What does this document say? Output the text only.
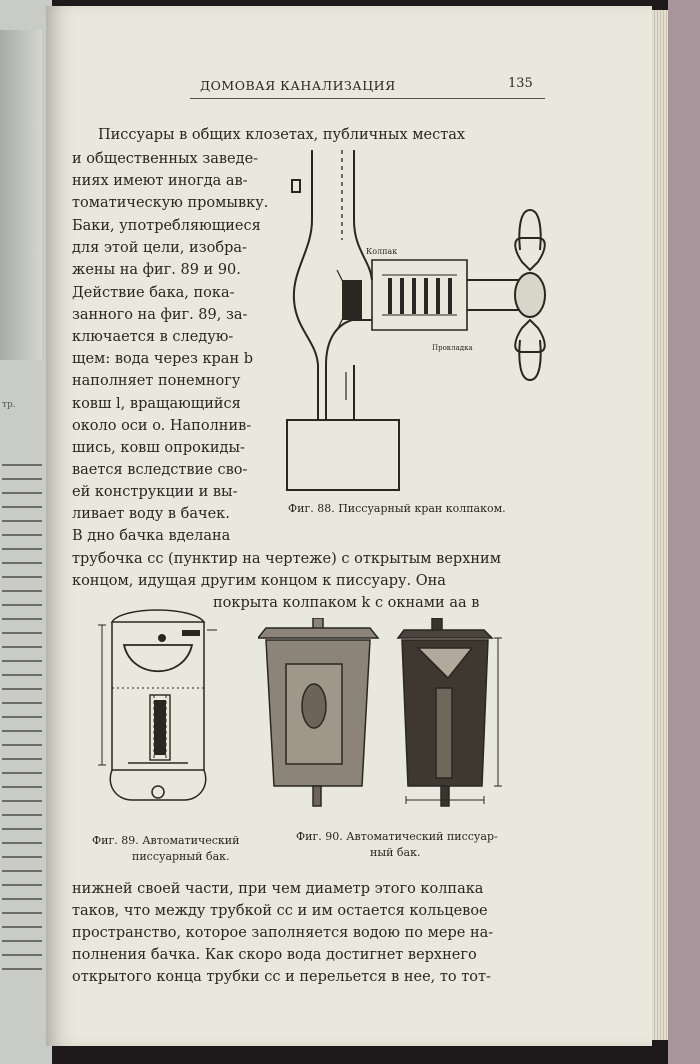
тр.
ДОМОВАЯ КАНАЛИЗАЦИЯ	135
Писсуары в общих клозетах, публичных местах
и общественных заведе-
ниях имеют иногда ав-
томатическую промывку.
Баки, употребляющиеся
для этой цели, изобра-
жены на фиг. 89 и 90.
Действие бака, пока-
занного на фиг. 89, за-
ключается в следую-
щем: вода через кран b
наполняет понемногу
ковш l, вращающийся
около оси o. Наполнив-
шись, ковш опрокиды-
вается вследствие сво-
ей конструкции и вы-
ливает воду в бачек.
В дно бачка вделана
трубочка cc (пунктир на чертеже) с открытым верхним
концом, идущая другим концом к писсуару. Она
покрыта колпаком k с окнами aa в
Колпак
Прокладка
Фиг. 88. Писсуарный кран колпаком.
Фиг. 89. Автоматический
писсуарный бак.
Фиг. 90. Автоматический писсуар-
ный бак.
нижней своей части, при чем диаметр этого колпака
таков, что между трубкой cc и им остается кольцевое
пространство, которое заполняется водою по мере на-
полнения бачка. Как скоро вода достигнет верхнего
открытого конца трубки cc и перельется в нее, то тот-
